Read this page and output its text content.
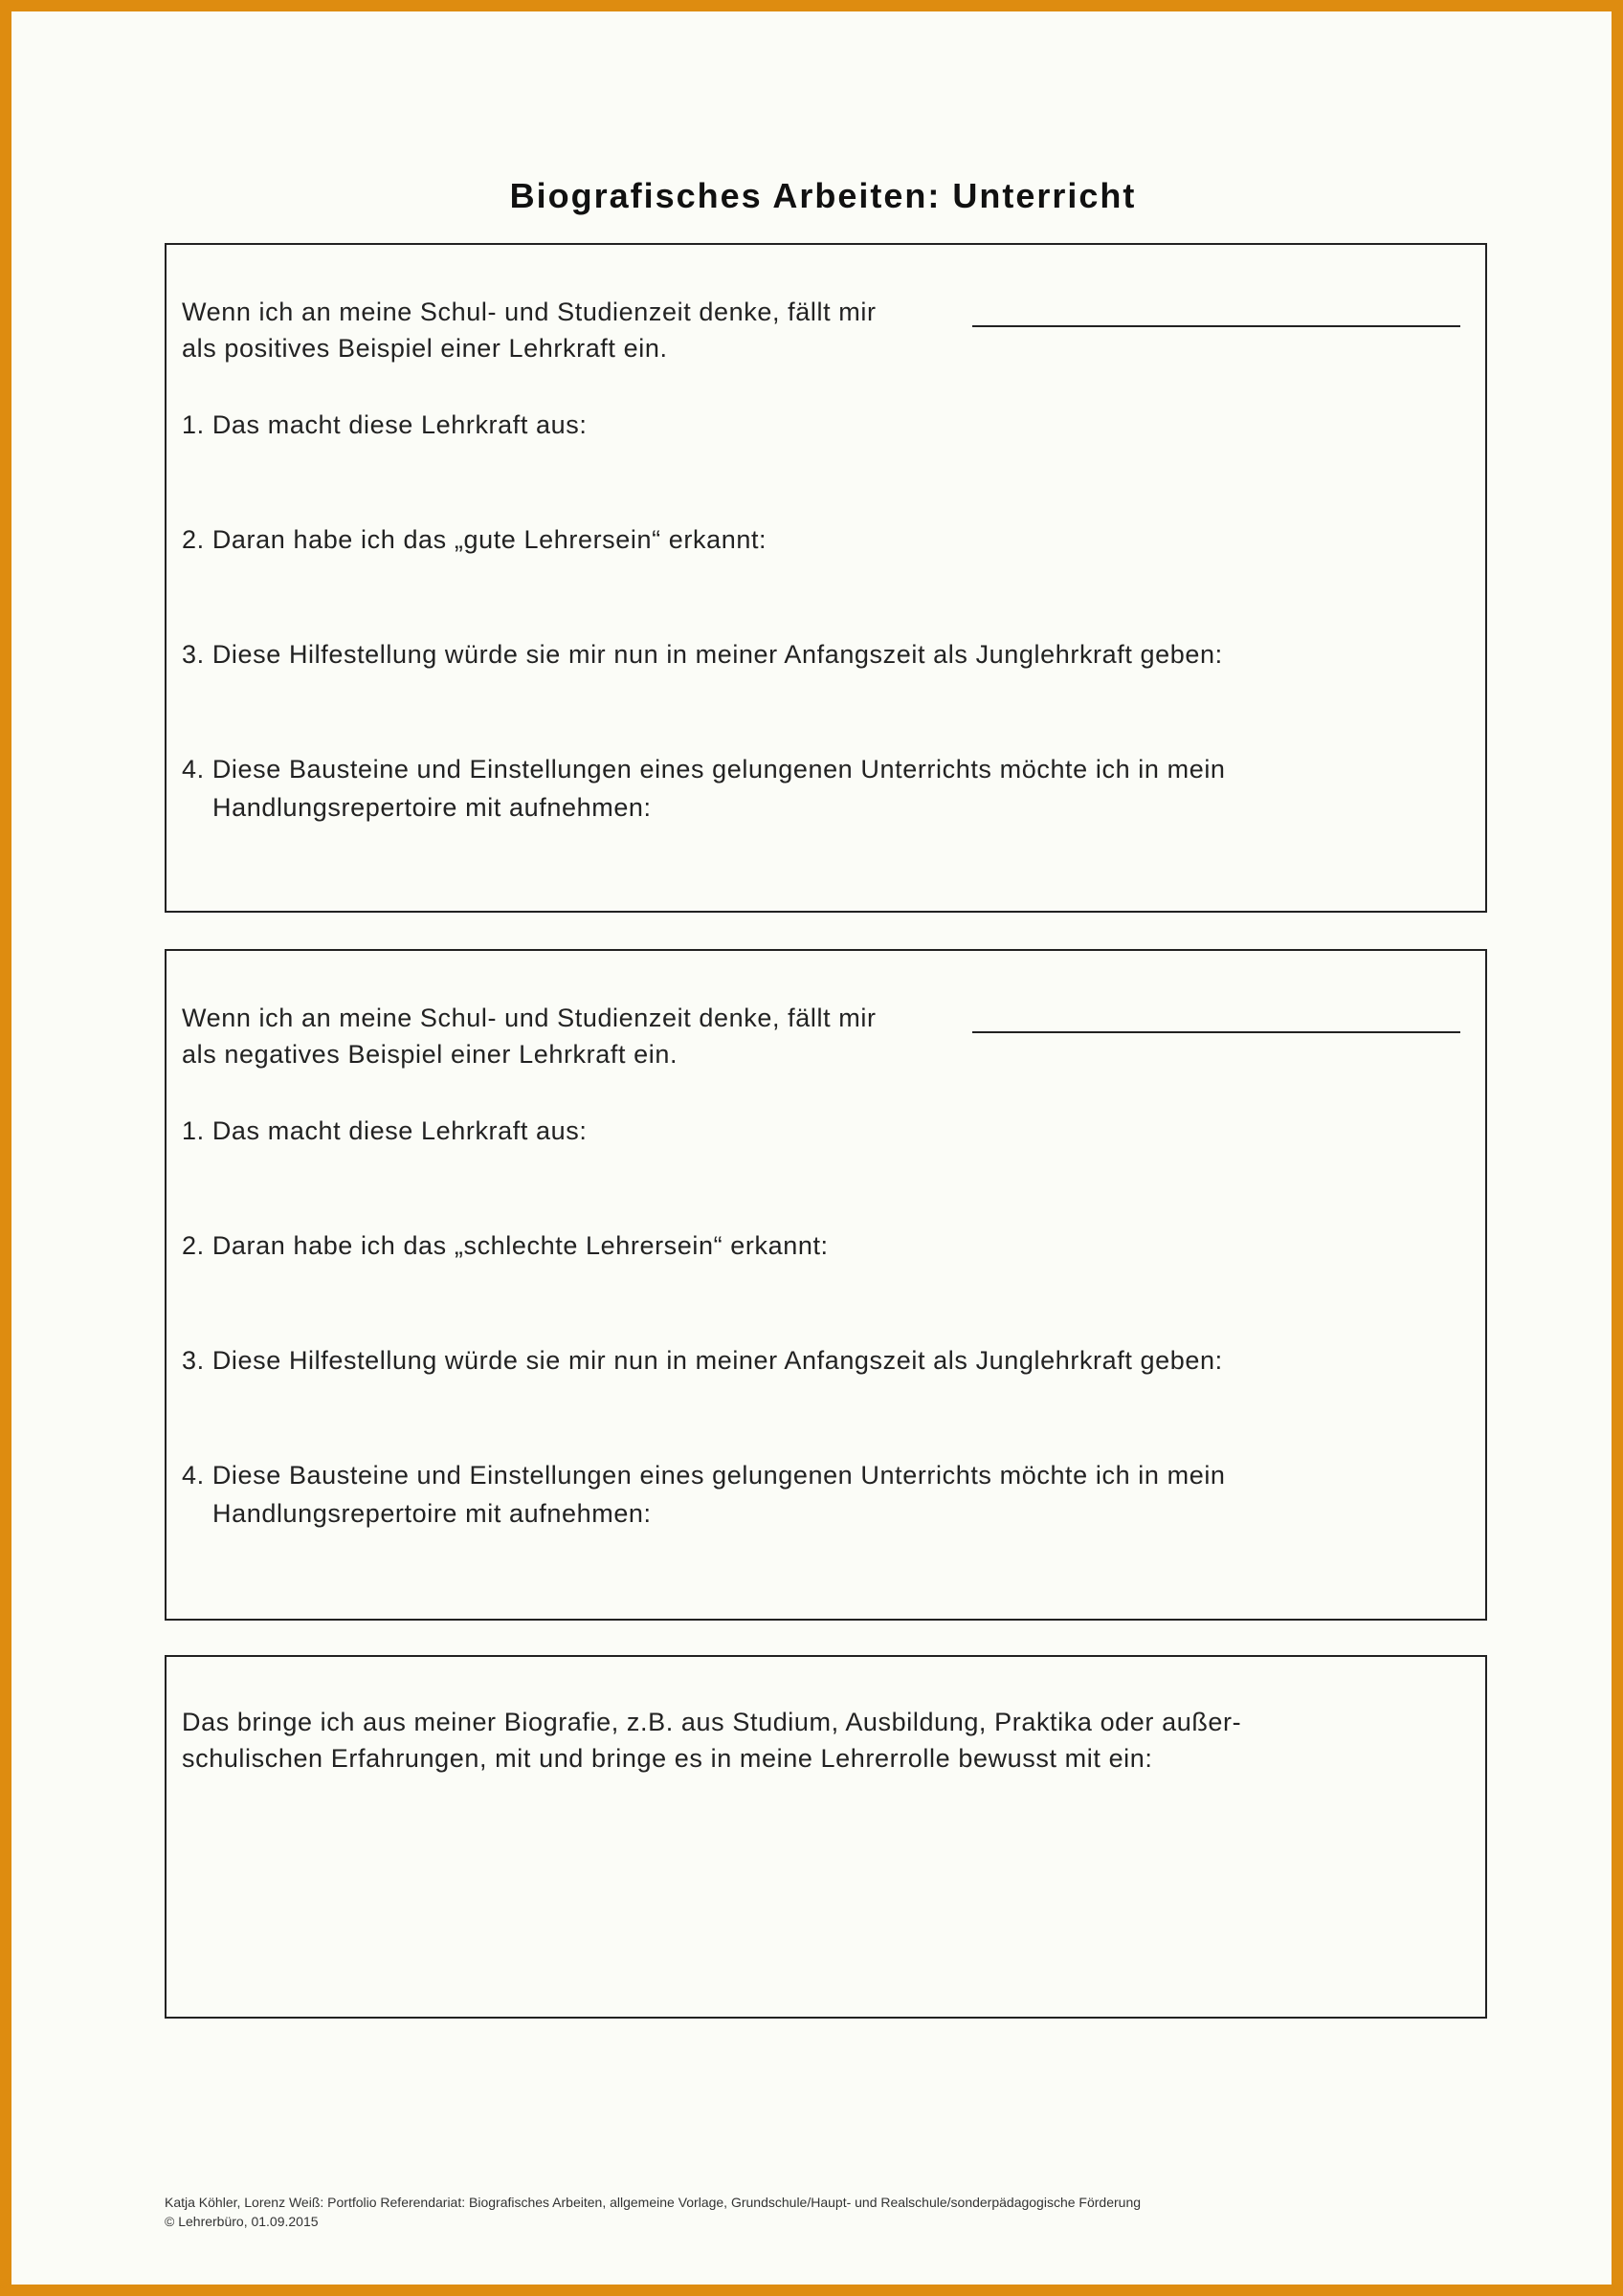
Biografisches Arbeiten: Unterricht
Wenn ich an meine Schul- und Studienzeit denke, fällt mir
als positives Beispiel einer Lehrkraft ein.
1. Das macht diese Lehrkraft aus:
2. Daran habe ich das „gute Lehrersein“ erkannt:
3. Diese Hilfestellung würde sie mir nun in meiner Anfangszeit als Junglehrkraft geben:
4. Diese Bausteine und Einstellungen eines gelungenen Unterrichts möchte ich in mein
Handlungsrepertoire mit aufnehmen:
Wenn ich an meine Schul- und Studienzeit denke, fällt mir
als negatives Beispiel einer Lehrkraft ein.
1. Das macht diese Lehrkraft aus:
2. Daran habe ich das „schlechte Lehrersein“ erkannt:
3. Diese Hilfestellung würde sie mir nun in meiner Anfangszeit als Junglehrkraft geben:
4. Diese Bausteine und Einstellungen eines gelungenen Unterrichts möchte ich in mein
Handlungsrepertoire mit aufnehmen:
Das bringe ich aus meiner Biografie, z.B. aus Studium, Ausbildung, Praktika oder außer-
schulischen Erfahrungen, mit und bringe es in meine Lehrerrolle bewusst mit ein:
Katja Köhler, Lorenz Weiß: Portfolio Referendariat: Biografisches Arbeiten, allgemeine Vorlage, Grundschule/Haupt- und Realschule/sonderpädagogische Förderung
© Lehrerbüro, 01.09.2015
